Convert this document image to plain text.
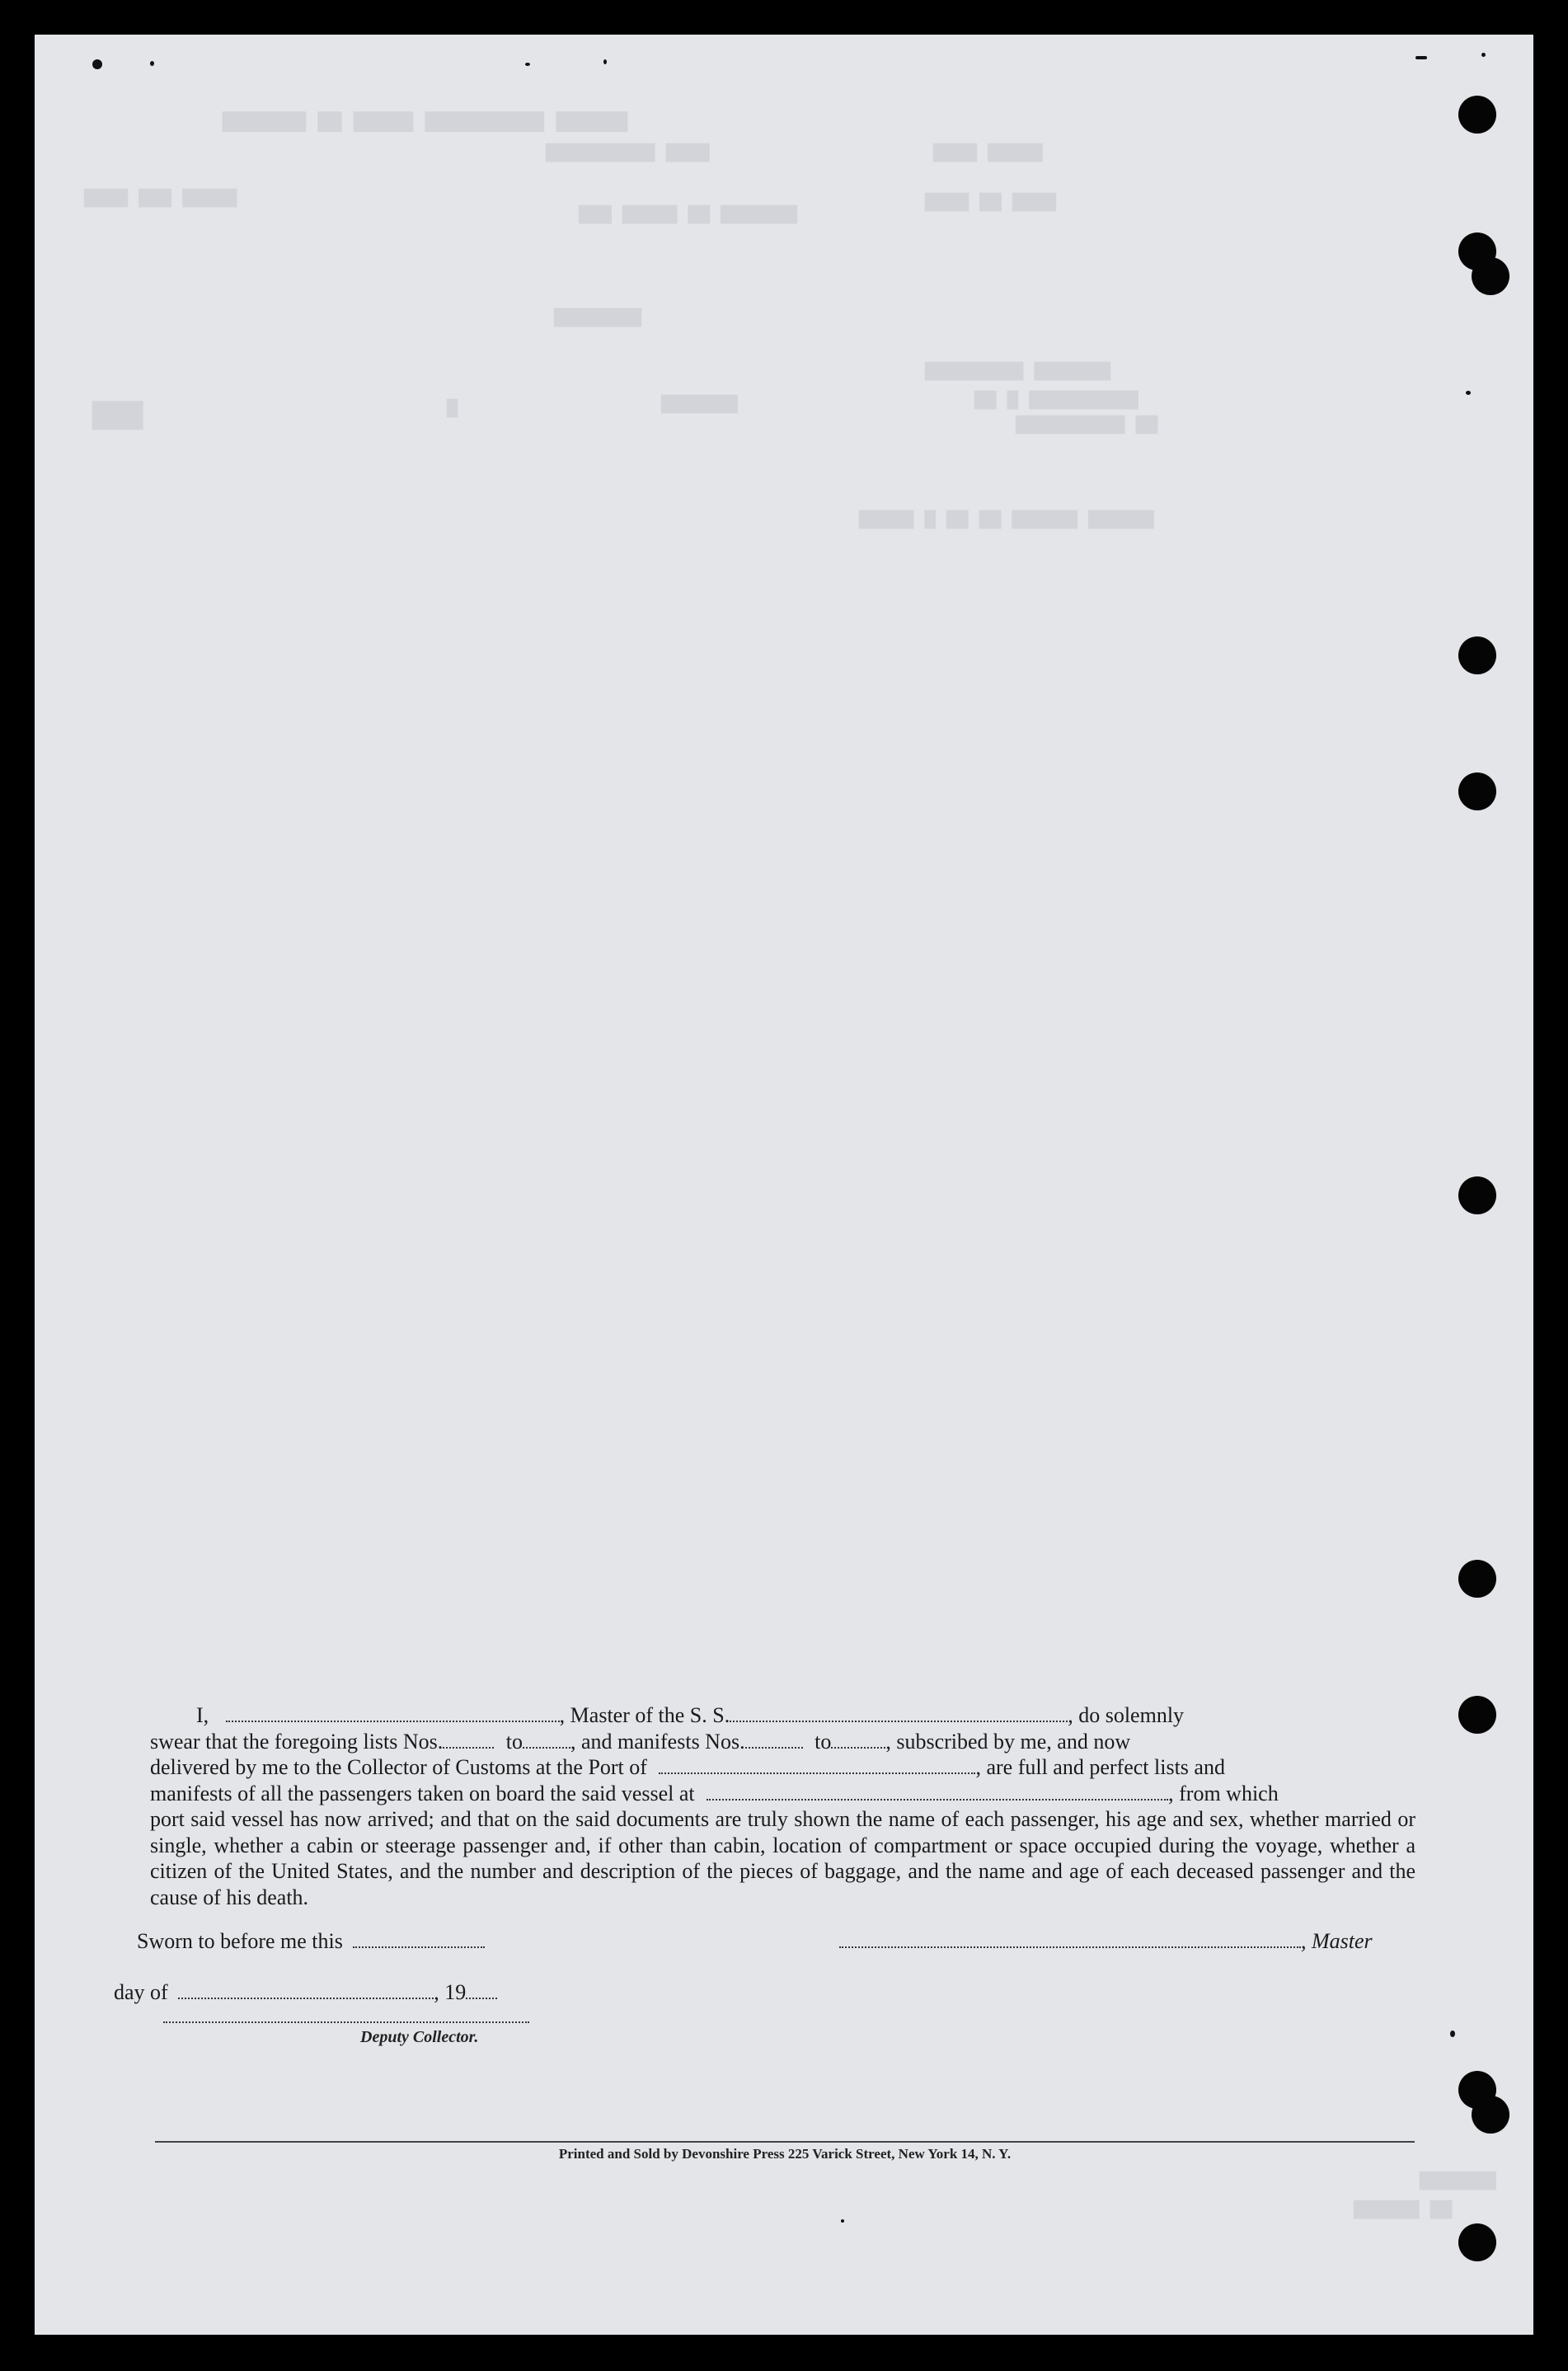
▇▇▇▇▇▇▇ ▇▇ ▇▇▇▇▇ ▇▇▇▇▇▇▇▇▇▇ ▇▇▇▇▇▇
▇▇▇▇▇▇▇▇▇▇ ▇▇▇▇	▇▇▇▇ ▇▇▇▇▇
▇▇▇▇ ▇▇▇ ▇▇▇▇▇	▇▇▇▇ ▇▇ ▇▇▇▇
▇▇▇ ▇▇▇▇▇ ▇▇ ▇▇▇▇▇▇▇
▇▇▇▇▇▇▇▇
▇▇▇▇▇▇▇▇▇ ▇▇▇▇▇▇▇
▇▇ ▇ ▇▇▇▇▇▇▇▇▇▇
▇▇▇▇▇▇▇▇▇▇ ▇▇
▇▇▇	▇▇▇▇▇▇▇
▇
▇▇▇▇▇ ▇ ▇▇ ▇▇ ▇▇▇▇▇▇ ▇▇▇▇▇▇
▇▇▇▇▇▇▇
▇▇▇▇▇▇ ▇▇

I,	, Master of the S. S.	, do solemnly

swear that the foregoing lists Nos.	to , and manifests Nos.	to	, subscribed by me, and now

delivered by me to the Collector of Customs at the Port of	, are full and perfect lists and

manifests of all the passengers taken on board the said vessel at	, from which

port said vessel has now arrived; and that on the said documents are truly shown the name of each passenger, his age and sex, whether married or single, whether a cabin or steerage passenger and, if other than cabin, location of compartment or space occupied during the voyage, whether a citizen of the United States, and the number and description of the pieces of baggage, and the name and age of each deceased passenger and the cause of his death.

Sworn to before me this	, Master
day of	, 19
Deputy Collector.
Printed and Sold by Devonshire Press 225 Varick Street, New York 14, N. Y.
